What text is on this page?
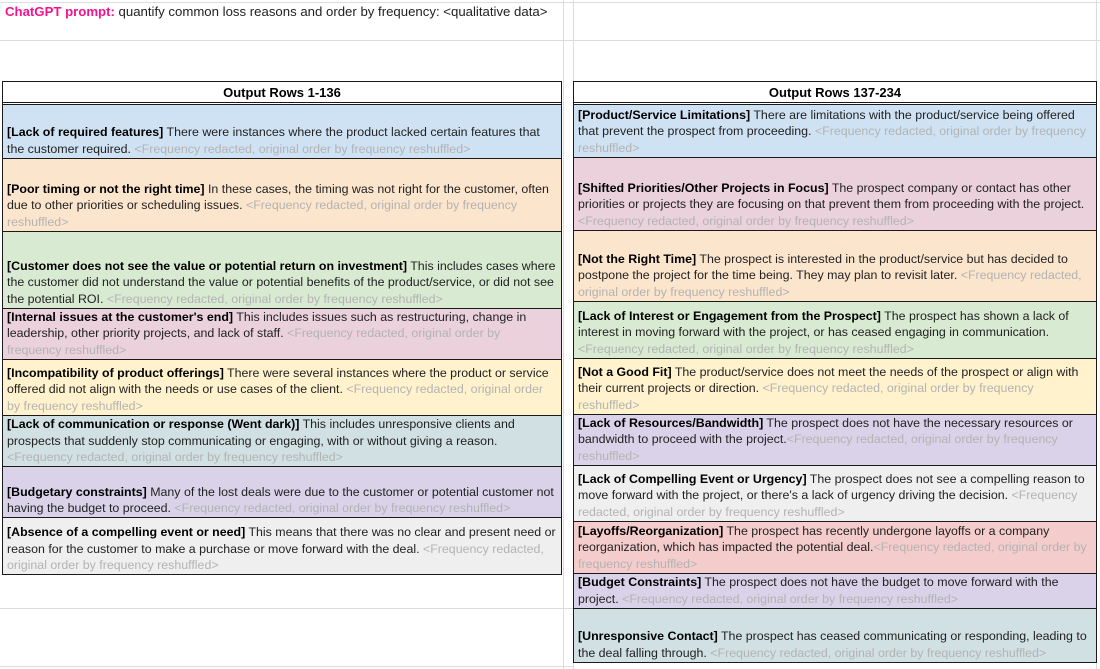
ChatGPT prompt: quantify common loss reasons and order by frequency: <qualitative data>
Output Rows 1-136
[Lack of required features] There were instances where the product lacked certain features that the customer required. <Frequency redacted, original order by frequency reshuffled>
[Poor timing or not the right time] In these cases, the timing was not right for the customer, often due to other priorities or scheduling issues. <Frequency redacted, original order by frequency reshuffled>
[Customer does not see the value or potential return on investment] This includes cases where the customer did not understand the value or potential benefits of the product/service, or did not see the potential ROI. <Frequency redacted, original order by frequency reshuffled>
[Internal issues at the customer's end] This includes issues such as restructuring, change in leadership, other priority projects, and lack of staff. <Frequency redacted, original order by frequency reshuffled>
[Incompatibility of product offerings] There were several instances where the product or service offered did not align with the needs or use cases of the client. <Frequency redacted, original order by frequency reshuffled>
[Lack of communication or response (Went dark)] This includes unresponsive clients and prospects that suddenly stop communicating or engaging, with or without giving a reason. <Frequency redacted, original order by frequency reshuffled>
[Budgetary constraints] Many of the lost deals were due to the customer or potential customer not having the budget to proceed. <Frequency redacted, original order by frequency reshuffled>
[Absence of a compelling event or need] This means that there was no clear and present need or reason for the customer to make a purchase or move forward with the deal. <Frequency redacted, original order by frequency reshuffled>
Output Rows 137-234
[Product/Service Limitations] There are limitations with the product/service being offered that prevent the prospect from proceeding. <Frequency redacted, original order by frequency reshuffled>
[Shifted Priorities/Other Projects in Focus] The prospect company or contact has other priorities or projects they are focusing on that prevent them from proceeding with the project. <Frequency redacted, original order by frequency reshuffled>
[Not the Right Time] The prospect is interested in the product/service but has decided to postpone the project for the time being. They may plan to revisit later. <Frequency redacted, original order by frequency reshuffled>
[Lack of Interest or Engagement from the Prospect] The prospect has shown a lack of interest in moving forward with the project, or has ceased engaging in communication. <Frequency redacted, original order by frequency reshuffled>
[Not a Good Fit] The product/service does not meet the needs of the prospect or align with their current projects or direction. <Frequency redacted, original order by frequency reshuffled>
[Lack of Resources/Bandwidth] The prospect does not have the necessary resources or bandwidth to proceed with the project.<Frequency redacted, original order by frequency reshuffled>
[Lack of Compelling Event or Urgency] The prospect does not see a compelling reason to move forward with the project, or there's a lack of urgency driving the decision. <Frequency redacted, original order by frequency reshuffled>
[Layoffs/Reorganization] The prospect has recently undergone layoffs or a company reorganization, which has impacted the potential deal.<Frequency redacted, original order by frequency reshuffled>
[Budget Constraints] The prospect does not have the budget to move forward with the project. <Frequency redacted, original order by frequency reshuffled>
[Unresponsive Contact] The prospect has ceased communicating or responding, leading to the deal falling through. <Frequency redacted, original order by frequency reshuffled>
